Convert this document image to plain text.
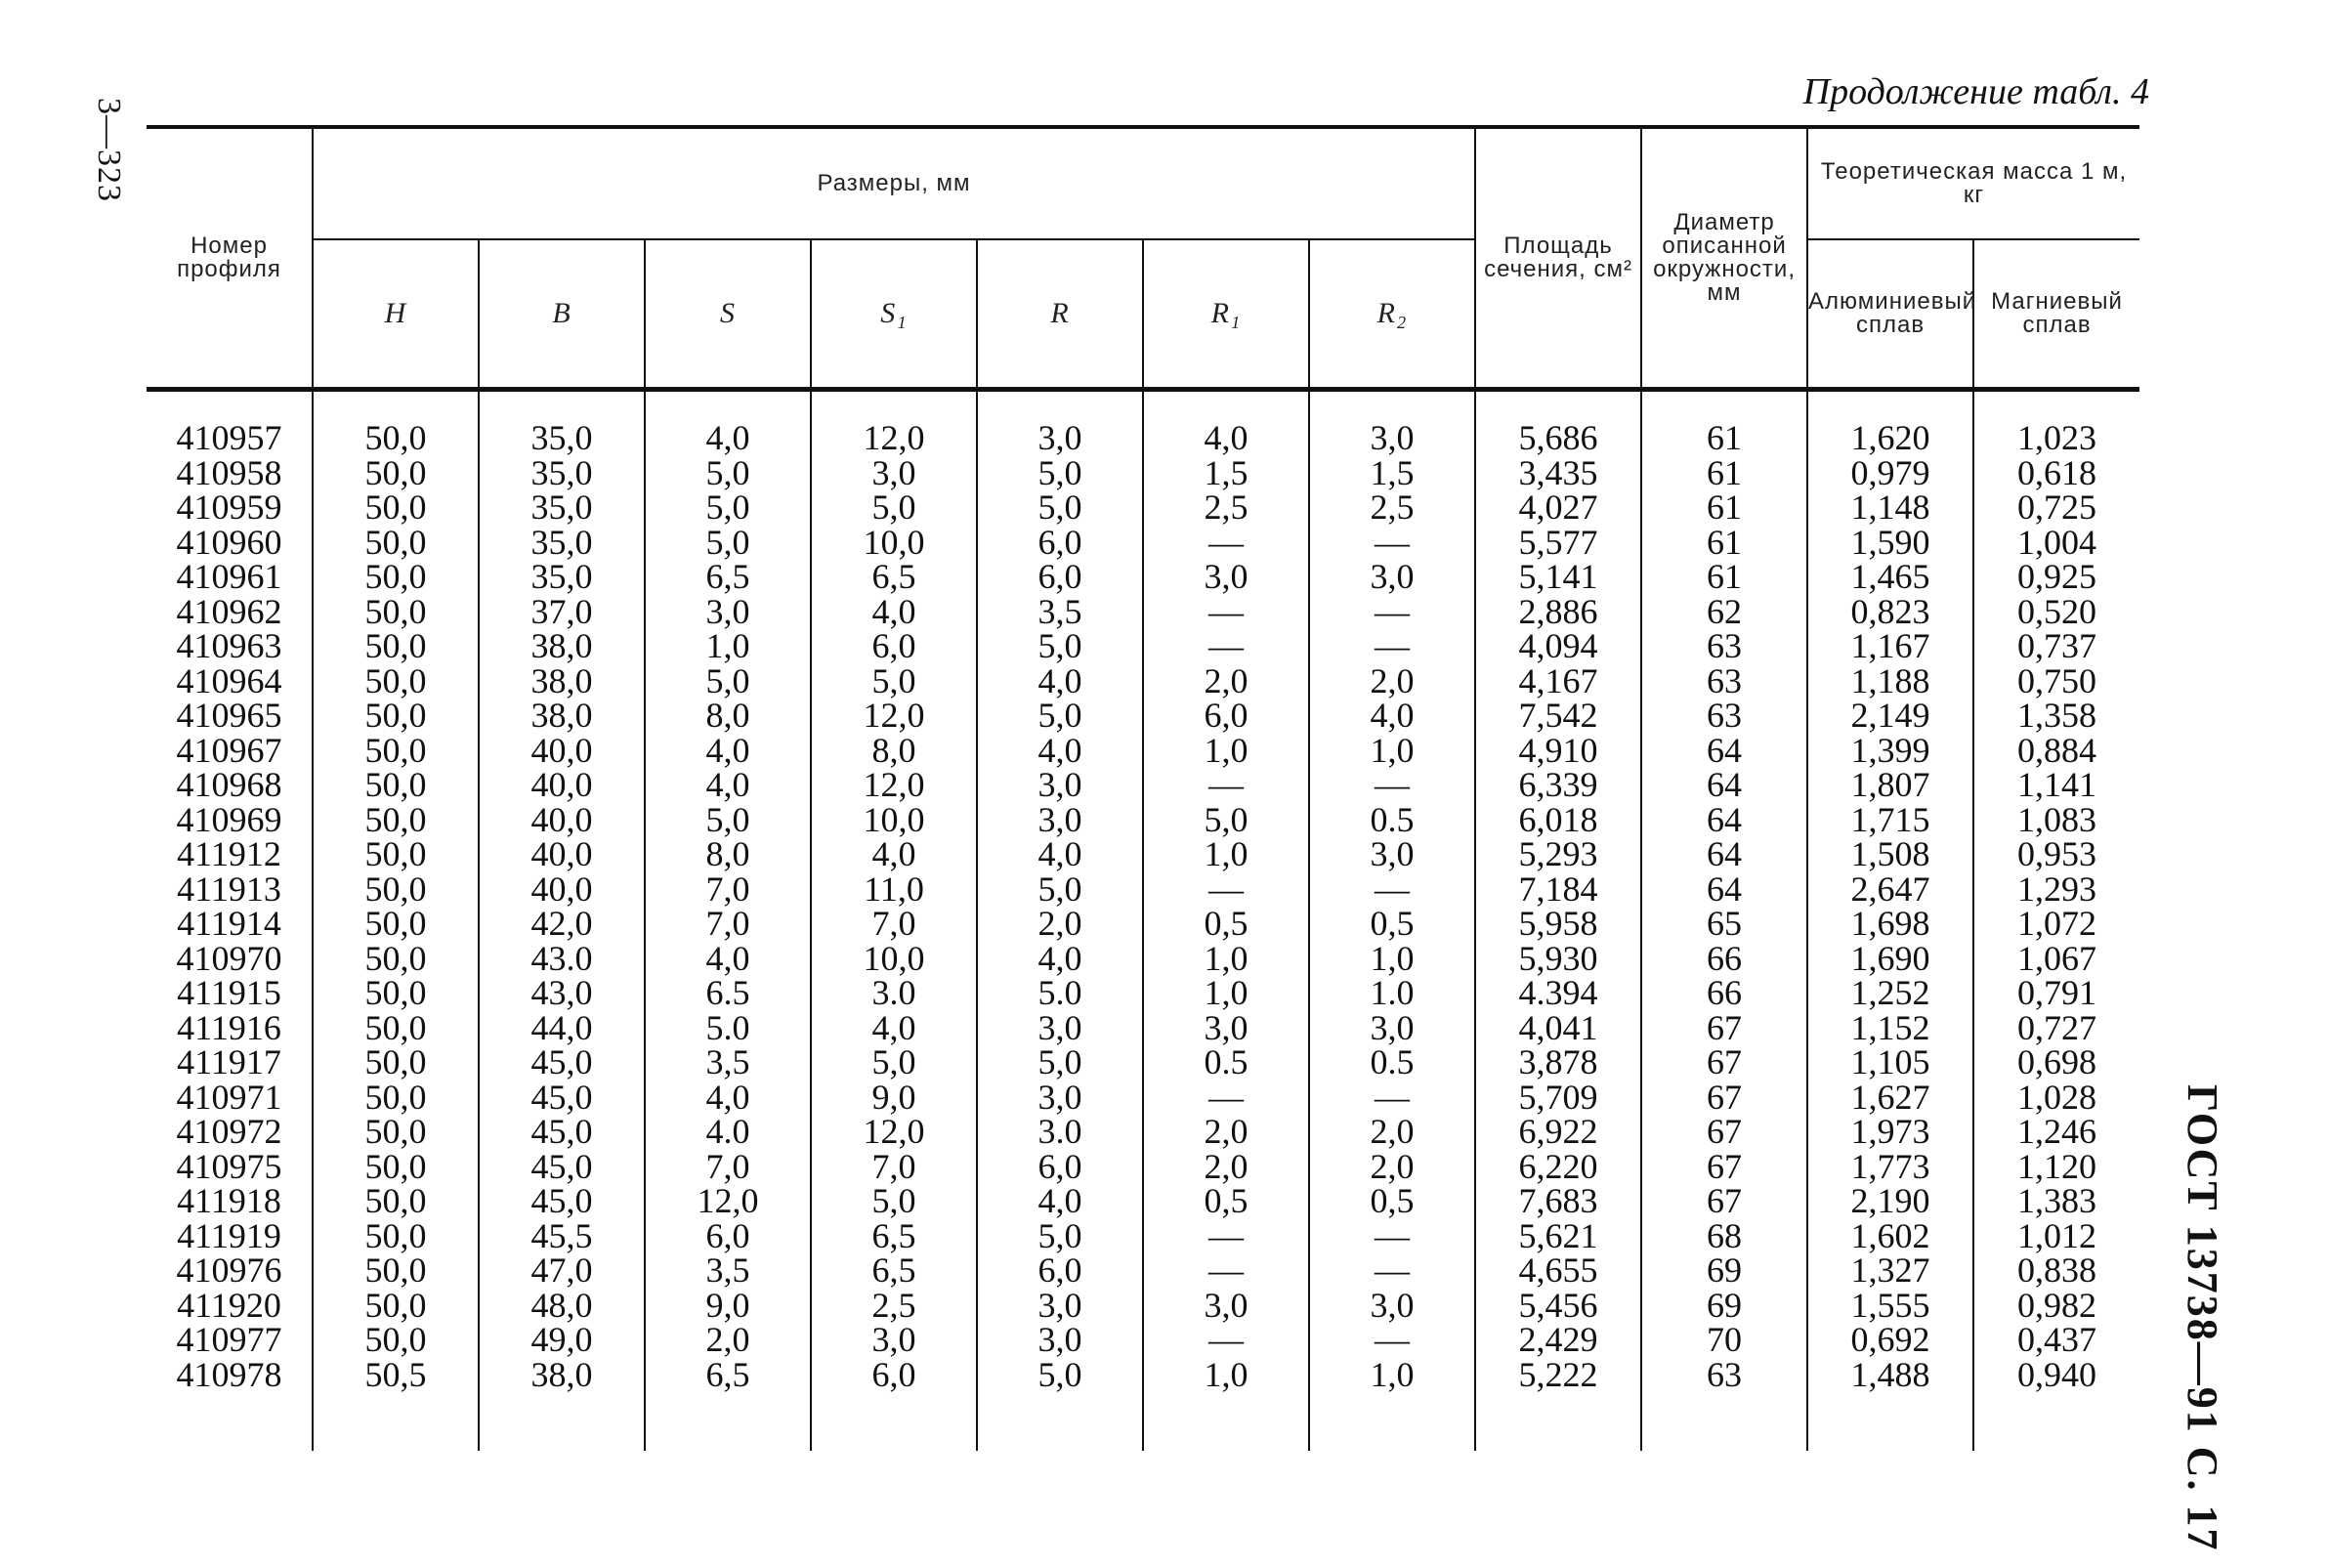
3—323
ГОСТ 13738—91 С. 17
Продолжение табл. 4
Номер профиля	Размеры, мм							Площадь сечения, см²	Диаметр описанной окружности, мм	Теоретическая масса 1 м, кг	
	H	B	S	S₁	R	R₁	R₂			Алюминиевый сплав	Магниевый сплав

410957	50,0	35,0	4,0	12,0	3,0	4,0	3,0	5,686	61	1,620	1,023
410958	50,0	35,0	5,0	3,0	5,0	1,5	1,5	3,435	61	0,979	0,618
410959	50,0	35,0	5,0	5,0	5,0	2,5	2,5	4,027	61	1,148	0,725
410960	50,0	35,0	5,0	10,0	6,0	—	—	5,577	61	1,590	1,004
410961	50,0	35,0	6,5	6,5	6,0	3,0	3,0	5,141	61	1,465	0,925
410962	50,0	37,0	3,0	4,0	3,5	—	—	2,886	62	0,823	0,520
410963	50,0	38,0	1,0	6,0	5,0	—	—	4,094	63	1,167	0,737
410964	50,0	38,0	5,0	5,0	4,0	2,0	2,0	4,167	63	1,188	0,750
410965	50,0	38,0	8,0	12,0	5,0	6,0	4,0	7,542	63	2,149	1,358
410967	50,0	40,0	4,0	8,0	4,0	1,0	1,0	4,910	64	1,399	0,884
410968	50,0	40,0	4,0	12,0	3,0	—	—	6,339	64	1,807	1,141
410969	50,0	40,0	5,0	10,0	3,0	5,0	0.5	6,018	64	1,715	1,083
411912	50,0	40,0	8,0	4,0	4,0	1,0	3,0	5,293	64	1,508	0,953
411913	50,0	40,0	7,0	11,0	5,0	—	—	7,184	64	2,647	1,293
411914	50,0	42,0	7,0	7,0	2,0	0,5	0,5	5,958	65	1,698	1,072
410970	50,0	43.0	4,0	10,0	4,0	1,0	1,0	5,930	66	1,690	1,067
411915	50,0	43,0	6.5	3.0	5.0	1,0	1.0	4.394	66	1,252	0,791
411916	50,0	44,0	5.0	4,0	3,0	3,0	3,0	4,041	67	1,152	0,727
411917	50,0	45,0	3,5	5,0	5,0	0.5	0.5	3,878	67	1,105	0,698
410971	50,0	45,0	4,0	9,0	3,0	—	—	5,709	67	1,627	1,028
410972	50,0	45,0	4.0	12,0	3.0	2,0	2,0	6,922	67	1,973	1,246
410975	50,0	45,0	7,0	7,0	6,0	2,0	2,0	6,220	67	1,773	1,120
411918	50,0	45,0	12,0	5,0	4,0	0,5	0,5	7,683	67	2,190	1,383
411919	50,0	45,5	6,0	6,5	5,0	—	—	5,621	68	1,602	1,012
410976	50,0	47,0	3,5	6,5	6,0	—	—	4,655	69	1,327	0,838
411920	50,0	48,0	9,0	2,5	3,0	3,0	3,0	5,456	69	1,555	0,982
410977	50,0	49,0	2,0	3,0	3,0	—	—	2,429	70	0,692	0,437
410978	50,5	38,0	6,5	6,0	5,0	1,0	1,0	5,222	63	1,488	0,940
